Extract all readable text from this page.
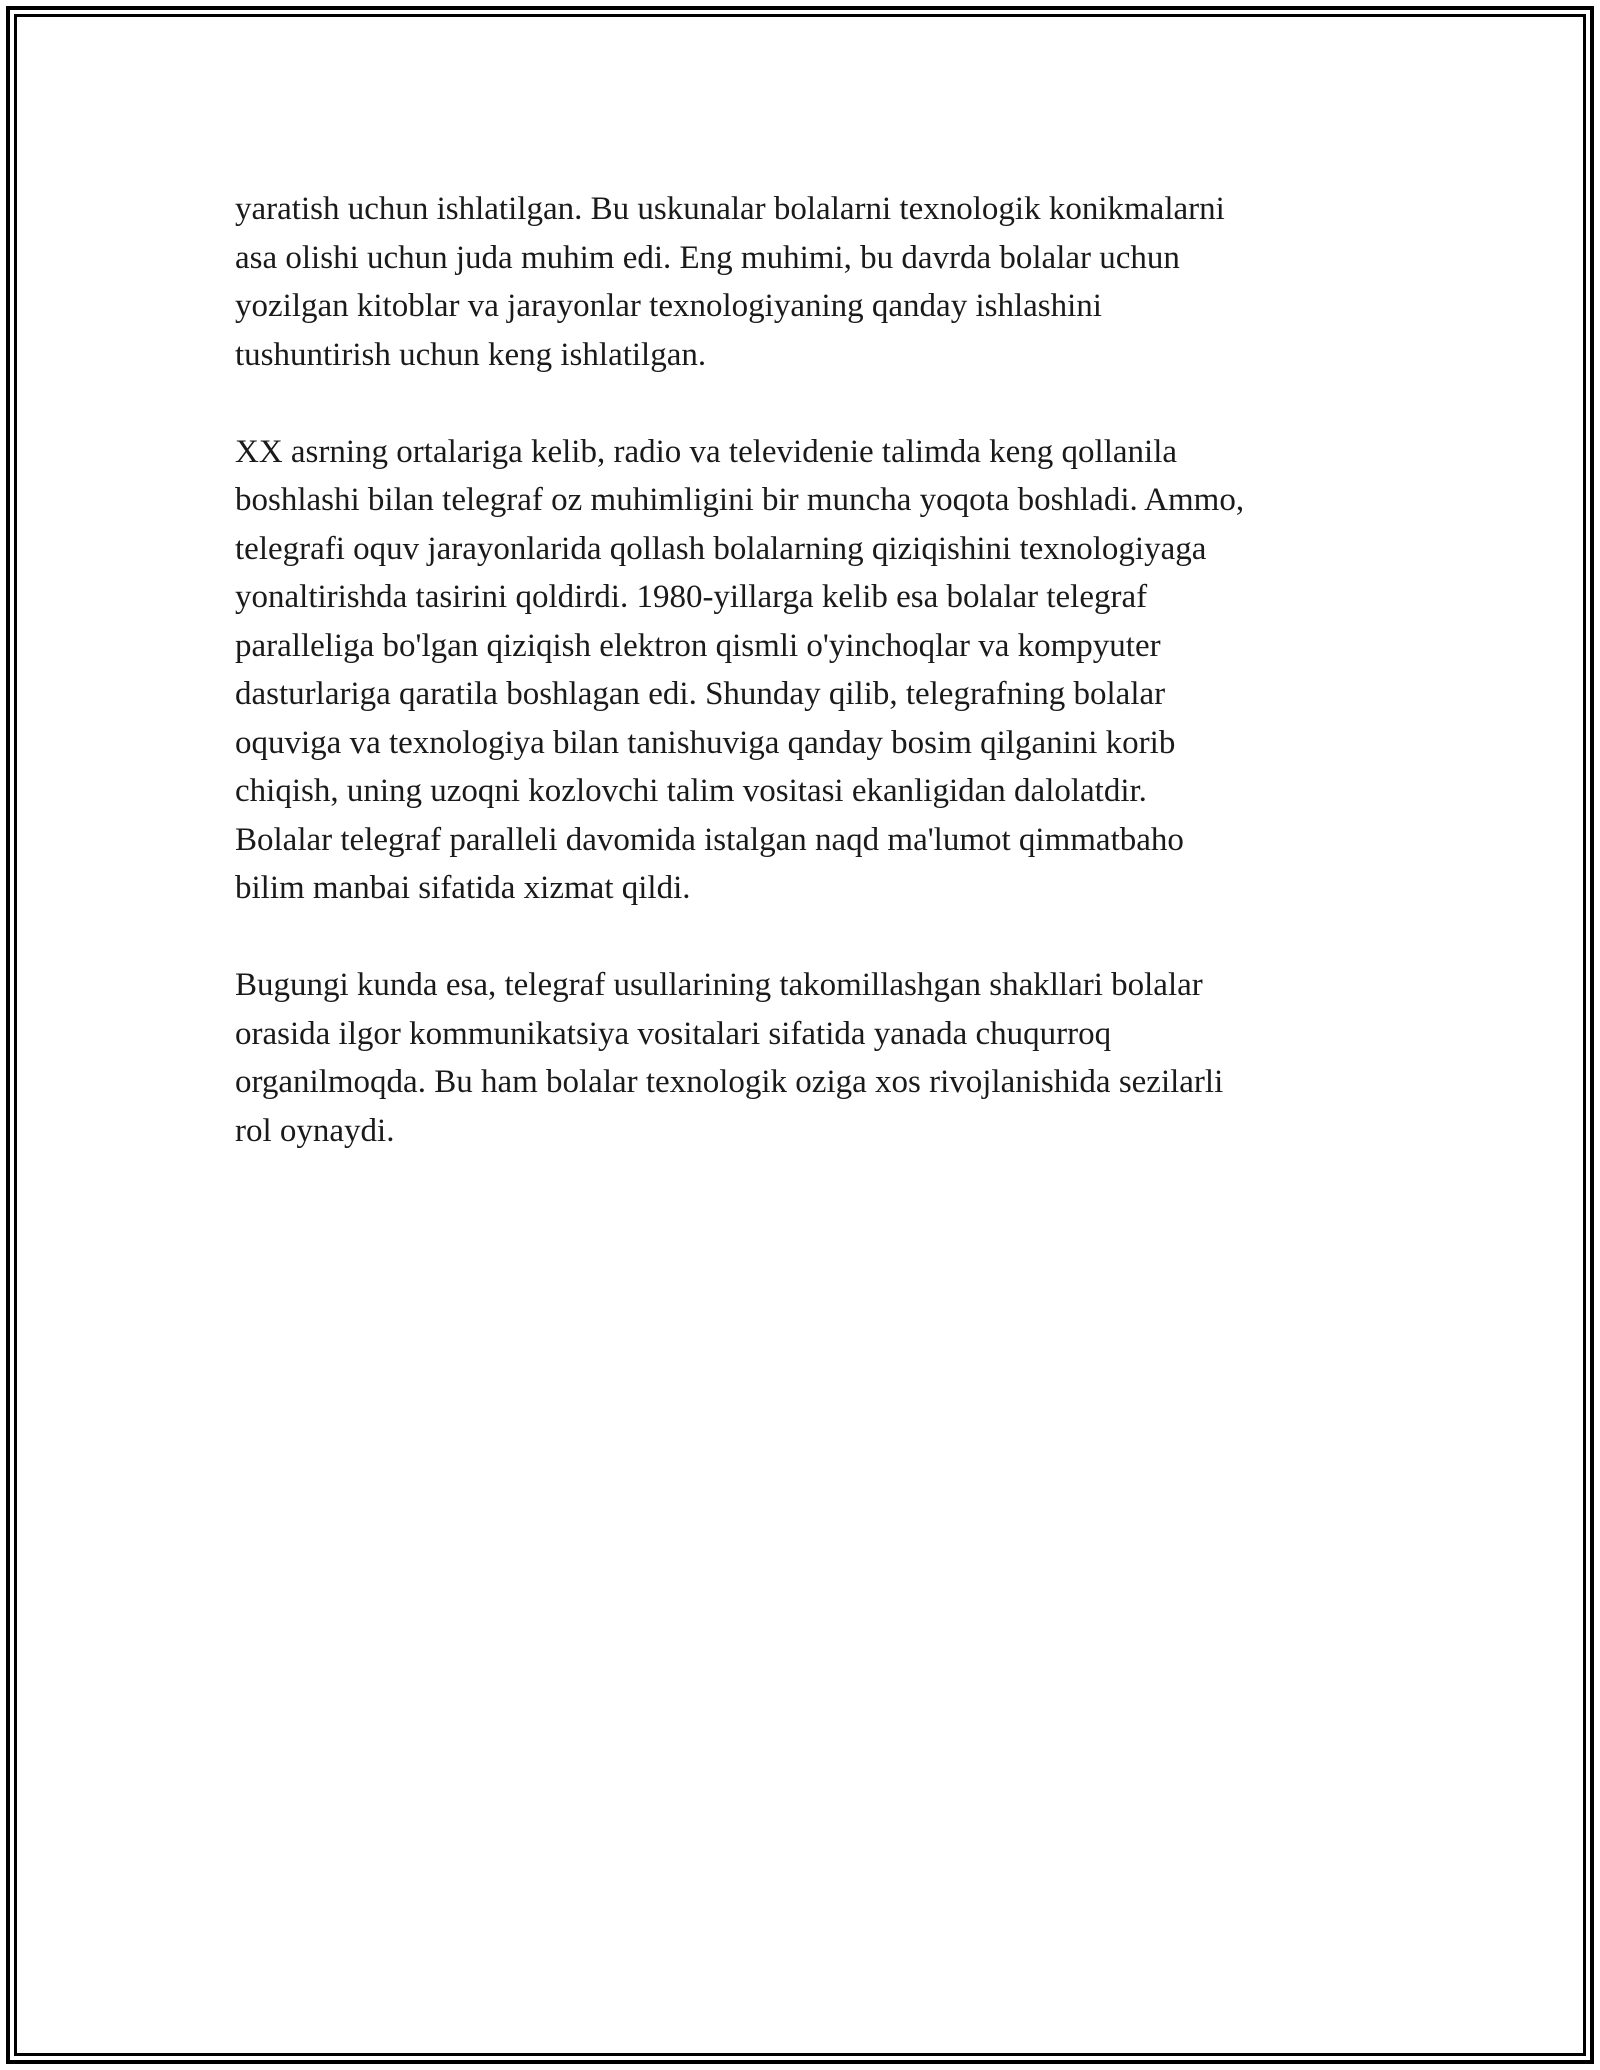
yaratish uchun ishlatilgan. Bu uskunalar bolalarni texnologik konikmalarni
asa olishi uchun juda muhim edi. Eng muhimi, bu davrda bolalar uchun
yozilgan kitoblar va jarayonlar texnologiyaning qanday ishlashini
tushuntirish uchun keng ishlatilgan.

XX asrning ortalariga kelib, radio va televidenie talimda keng qollanila
boshlashi bilan telegraf oz muhimligini bir muncha yoqota boshladi. Ammo,
telegrafi oquv jarayonlarida qollash bolalarning qiziqishini texnologiyaga
yonaltirishda tasirini qoldirdi. 1980-yillarga kelib esa bolalar telegraf
paralleliga bo'lgan qiziqish elektron qismli o'yinchoqlar va kompyuter
dasturlariga qaratila boshlagan edi. Shunday qilib, telegrafning bolalar
oquviga va texnologiya bilan tanishuviga qanday bosim qilganini korib
chiqish, uning uzoqni kozlovchi talim vositasi ekanligidan dalolatdir.
Bolalar telegraf paralleli davomida istalgan naqd ma'lumot qimmatbaho
bilim manbai sifatida xizmat qildi.

Bugungi kunda esa, telegraf usullarining takomillashgan shakllari bolalar
orasida ilgor kommunikatsiya vositalari sifatida yanada chuqurroq
organilmoqda. Bu ham bolalar texnologik oziga xos rivojlanishida sezilarli
rol oynaydi.
